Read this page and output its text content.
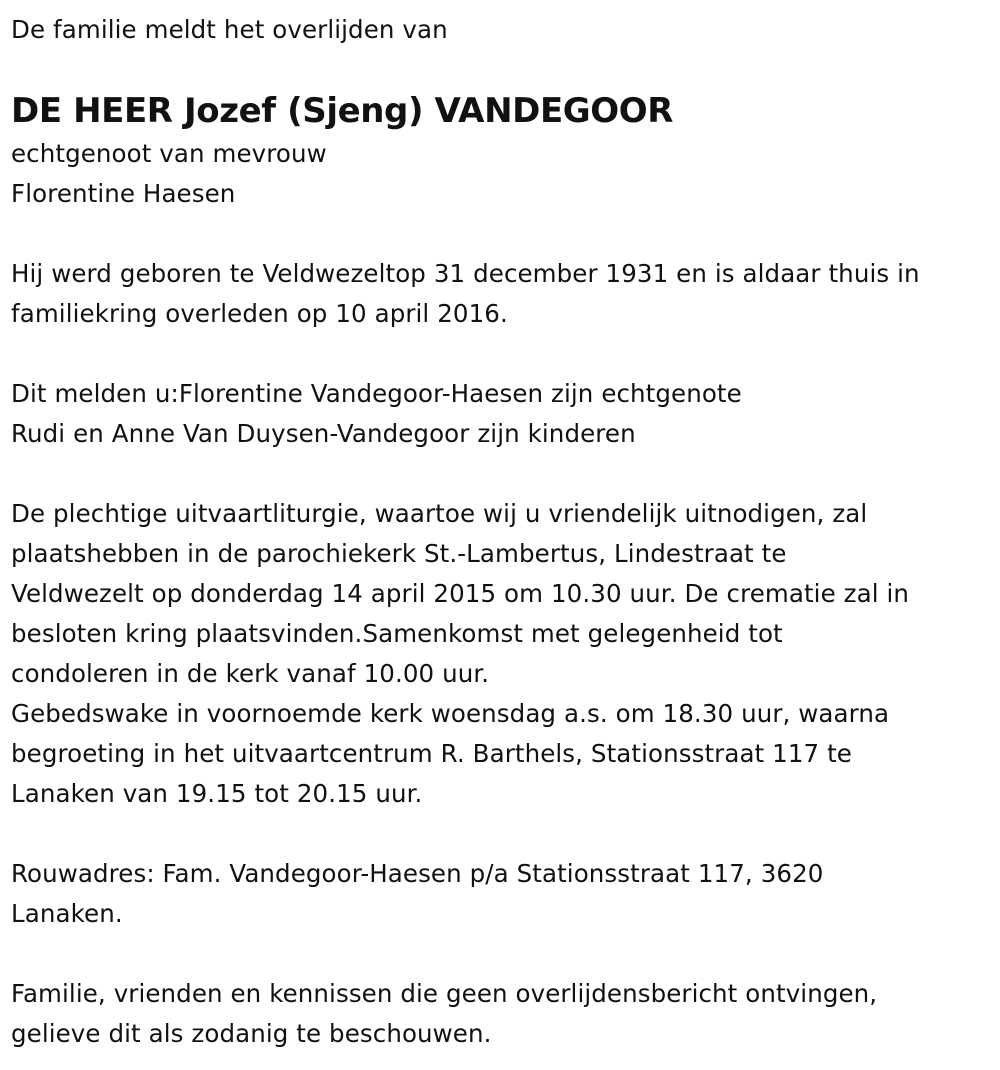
De familie meldt het overlijden van
DE HEER Jozef (Sjeng) VANDEGOOR
echtgenoot van mevrouw
Florentine Haesen
Hij werd geboren te Veldwezeltop 31 december 1931 en is aldaar thuis in
familiekring overleden op 10 april 2016.
Dit melden u:Florentine Vandegoor-Haesen zijn echtgenote
Rudi en Anne Van Duysen-Vandegoor zijn kinderen
De plechtige uitvaartliturgie, waartoe wij u vriendelijk uitnodigen, zal
plaatshebben in de parochiekerk St.-Lambertus, Lindestraat te
Veldwezelt op donderdag 14 april 2015 om 10.30 uur. De crematie zal in
besloten kring plaatsvinden.Samenkomst met gelegenheid tot
condoleren in de kerk vanaf 10.00 uur.
Gebedswake in voornoemde kerk woensdag a.s. om 18.30 uur, waarna
begroeting in het uitvaartcentrum R. Barthels, Stationsstraat 117 te
Lanaken van 19.15 tot 20.15 uur.
Rouwadres: Fam. Vandegoor-Haesen p/a Stationsstraat 117, 3620
Lanaken.
Familie, vrienden en kennissen die geen overlijdensbericht ontvingen,
gelieve dit als zodanig te beschouwen.
